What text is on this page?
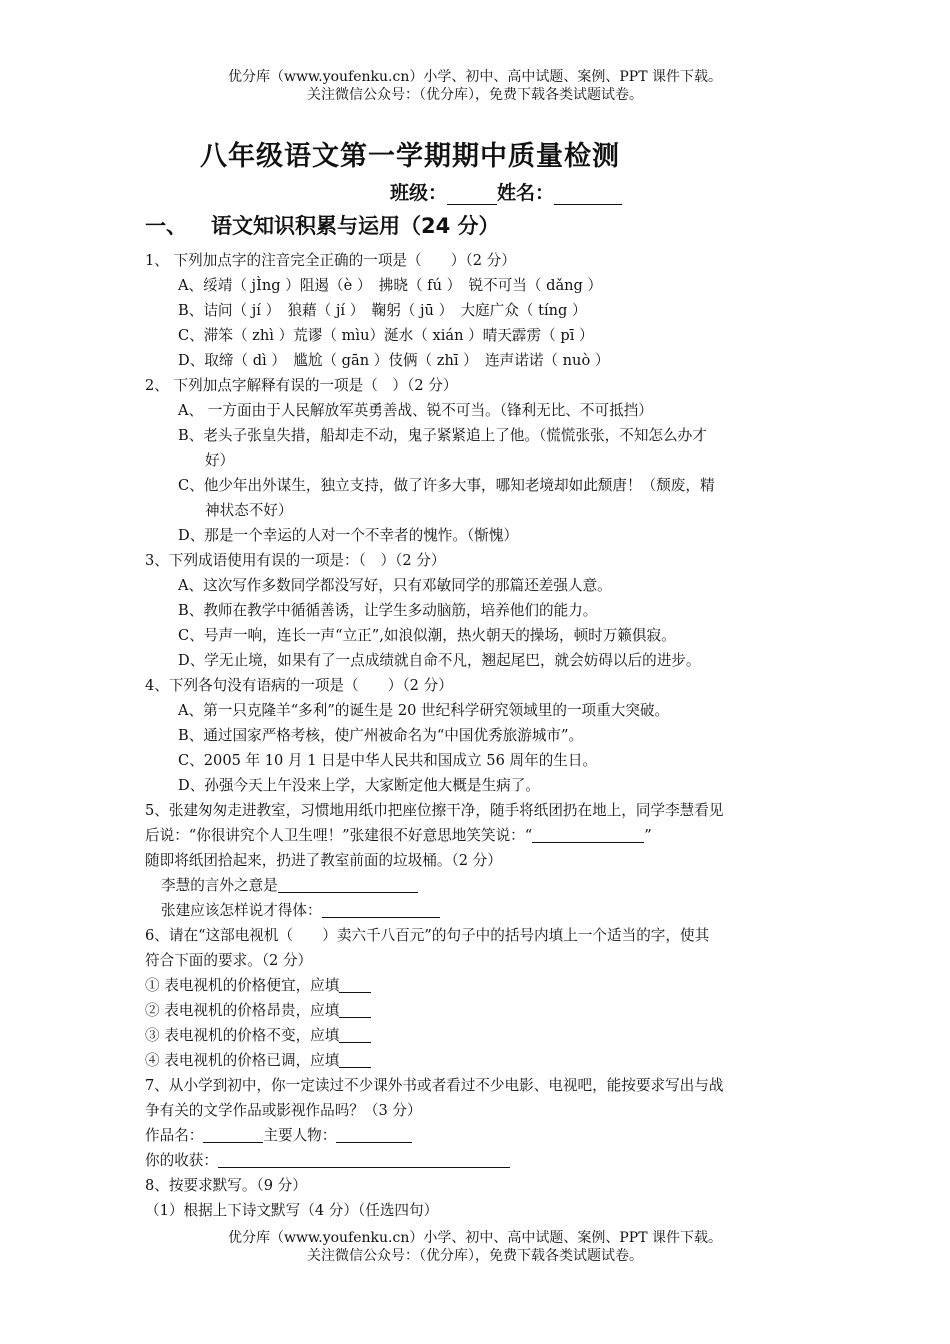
优分库（www.youfenku.cn）小学、初中、高中试题、案例、PPT 课件下载。
关注微信公众号：（优分库），免费下载各类试题试卷。
八年级语文第一学期期中质量检测
班级：	姓名：
一、 语文知识积累与运用（24 分）
1、 下列加点字的注音完全正确的一项是（　　）（2 分）
A、绥靖（ jÌng ）阻遏（è ）　拂晓（ fú ）　锐不可当（ dǎng ）
B、诘问（ jí ）　狼藉（ jí ）　鞠躬（ jū ）　大庭广众（ tíng ）
C、滞笨（ zhì ）荒谬（ mìu）涎水（ xián ）晴天霹雳（ pī ）
D、取缔（ dì ）　尴尬（ gān ）伎俩（ zhī ）　连声诺诺（ nuò ）
2、 下列加点字解释有误的一项是（　）（2 分）
A、 一方面由于人民解放军英勇善战、锐不可当。（锋利无比、不可抵挡）
B、老头子张皇失措，船却走不动，鬼子紧紧追上了他。（慌慌张张，不知怎么办才
好）
C、他少年出外谋生，独立支持，做了许多大事，哪知老境却如此颓唐！（颓废，精
神状态不好）
D、那是一个幸运的人对一个不幸者的愧怍。（惭愧）
3、下列成语使用有误的一项是：（　）（2 分）
A、这次写作多数同学都没写好，只有邓敏同学的那篇还差强人意。
B、教师在教学中循循善诱，让学生多动脑筋，培养他们的能力。
C、号声一响，连长一声“立正”,如浪似潮，热火朝天的操场，顿时万籁俱寂。
D、学无止境，如果有了一点成绩就自命不凡，翘起尾巴，就会妨碍以后的进步。
4、下列各句没有语病的一项是（　　）（2 分）
A、第一只克隆羊“多利”的诞生是 20 世纪科学研究领域里的一项重大突破。
B、通过国家严格考核，使广州被命名为“中国优秀旅游城市”。
C、2005 年 10 月 1 日是中华人民共和国成立 56 周年的生日。
D、孙强今天上午没来上学，大家断定他大概是生病了。
5、张建匆匆走进教室，习惯地用纸巾把座位擦干净，随手将纸团扔在地上，同学李慧看见
后说：“你很讲究个人卫生哩！”张建很不好意思地笑笑说：“	”
随即将纸团拾起来，扔进了教室前面的垃圾桶。（2 分）
李慧的言外之意是
张建应该怎样说才得体：
6、请在“这部电视机（　　）卖六千八百元”的句子中的括号内填上一个适当的字，使其
符合下面的要求。（2 分）
① 表电视机的价格便宜，应填
② 表电视机的价格昂贵，应填
③ 表电视机的价格不变，应填
④ 表电视机的价格已调，应填
7、从小学到初中，你一定读过不少课外书或者看过不少电影、电视吧，能按要求写出与战
争有关的文学作品或影视作品吗？（3 分）
作品名：	主要人物：
你的收获：
8、按要求默写。（9 分）
（1）根据上下诗文默写（4 分）（任选四句）
优分库（www.youfenku.cn）小学、初中、高中试题、案例、PPT 课件下载。
关注微信公众号：（优分库），免费下载各类试题试卷。
